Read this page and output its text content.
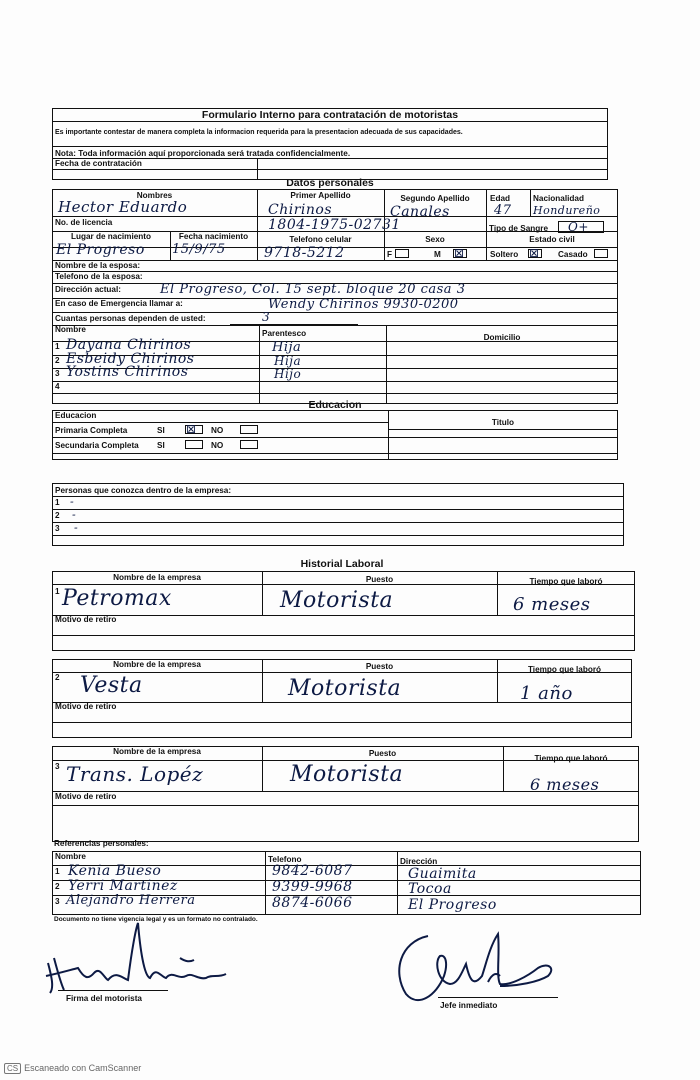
Formulario Interno para contratación de motoristas
Es importante contestar de manera completa la informacion requerida para la presentacion adecuada de sus capacidades.
Nota: Toda información aquí proporcionada será tratada confidencialmente.
Fecha de contratación
Datos personales
Nombres	Primer Apellido	Segundo Apellido	Edad	Nacionalidad
Hector Eduardo	Chirinos	Canales	47 Hondureño
No. de licencia	1804-1975-02731	Tipo de Sangre O+
Lugar de nacimiento	Fecha nacimiento	Telefono celular	Sexo	Estado civil
El Progreso 15/9/75	9718-5212	F	M ⊠	Soltero ⊠ Casado
Nombre de la esposa:
Telefono de la esposa:
Dirección actual:	El Progreso, Col. 15 sept. bloque 20 casa 3
En caso de Emergencia llamar a:	Wendy Chirinos 9930-0200
Cuantas personas dependen de usted:	3
Nombre	Parentesco	Domicilio
1 Dayana Chirinos	Hija
2 Esbeidy Chirinos	Hija
3 Yostins Chirinos	Hijo
4
Educacion
Educacion
Titulo
Primaria Completa	SI ⊠ NO
Secundaria Completa SI	NO
Personas que conozca dentro de la empresa:
1 -
2 -
3 -
Historial Laboral
Nombre de la empresa	Puesto	Tiempo que laboró
1 Petromax	Motorista	6 meses
Motivo de retiro
Nombre de la empresa	Puesto	Tiempo que laboró
2 Vesta	Motorista	1 año
Motivo de retiro
Nombre de la empresa	Puesto
Tiempo que laboró
3 Trans. Lopéz	Motorista	6 meses
Motivo de retiro
Referencias personales:
Nombre	Telefono	Dirección
1 Kenia Bueso	9842-6087	Guaimita
2 Yerri Martinez	9399-9968	Tocoa
3 Alejandro Herrera	8874-6066	El Progreso
Documento no tiene vigencia legal y es un formato no contralado.
Firma del motorista
Jefe inmediato
CS Escaneado con CamScanner
